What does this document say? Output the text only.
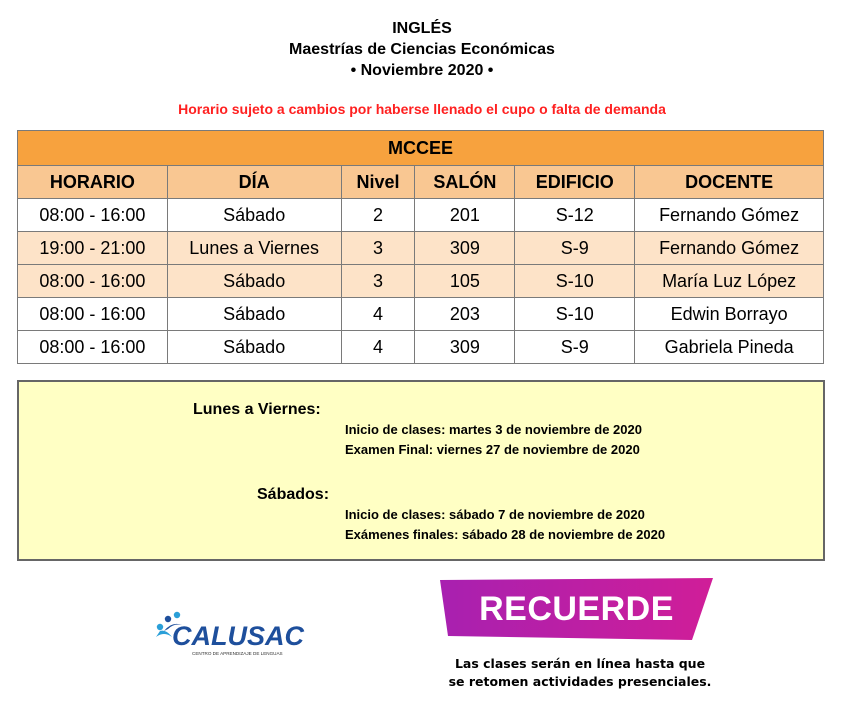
INGLÉS
Maestrías de Ciencias Económicas
• Noviembre 2020 •
Horario sujeto a cambios por haberse llenado el cupo o falta de demanda
MCCEE					
HORARIO	DÍA	Nivel	SALÓN	EDIFICIO	DOCENTE
08:00 - 16:00	Sábado	2	201	S-12	Fernando Gómez
19:00 - 21:00	Lunes a Viernes	3	309	S-9	Fernando Gómez
08:00 - 16:00	Sábado	3	105	S-10	María Luz López
08:00 - 16:00	Sábado	4	203	S-10	Edwin Borrayo
08:00 - 16:00	Sábado	4	309	S-9	Gabriela Pineda
Lunes a Viernes:
Inicio de clases: martes 3 de noviembre de 2020
Examen Final: viernes 27 de noviembre de 2020
Sábados:
Inicio de clases: sábado 7 de noviembre de 2020
Exámenes finales: sábado 28 de noviembre de 2020
CALUSAC
CENTRO DE APRENDIZAJE DE LENGUAS
RECUERDE
Las clases serán en línea hasta que
se retomen actividades presenciales.
